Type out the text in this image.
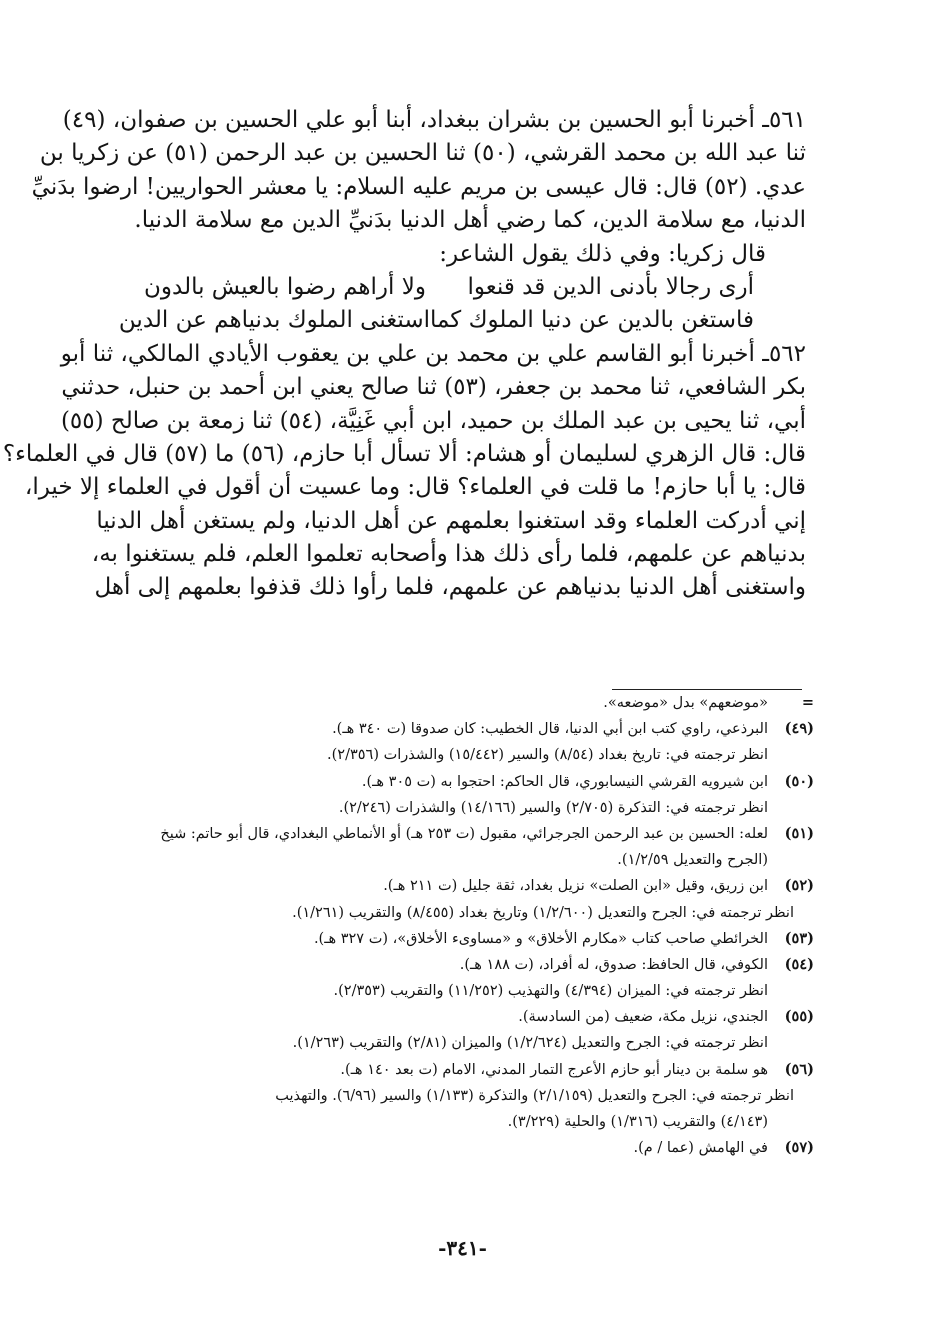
٥٦١ـ أخبرنا أبو الحسين بن بشران ببغداد، أبنا أبو علي الحسين بن صفوان، (٤٩)
ثنا عبد الله بن محمد القرشي، (٥٠) ثنا الحسين بن عبد الرحمن (٥١) عن زكريا بن
عدي. (٥٢) قال: قال عيسى بن مريم عليه السلام: يا معشر الحواريين! ارضوا بدَنيِّ
الدنيا، مع سلامة الدين، كما رضي أهل الدنيا بدَنيِّ الدين مع سلامة الدنيا.
قال زكريا: وفي ذلك يقول الشاعر:
أرى رجالا بأدنى الدين قد قنعوا
ولا أراهم رضوا بالعيش بالدون
فاستغن بالدين عن دنيا الملوك كما
استغنى الملوك بدنياهم عن الدين
٥٦٢ـ أخبرنا أبو القاسم علي بن محمد بن علي بن يعقوب الأيادي المالكي، ثنا أبو
بكر الشافعي، ثنا محمد بن جعفر، (٥٣) ثنا صالح يعني ابن أحمد بن حنبل، حدثني
أبي، ثنا يحيى بن عبد الملك بن حميد، ابن أبي غَنِيَّة، (٥٤) ثنا زمعة بن صالح (٥٥)
قال: قال الزهري لسليمان أو هشام: ألا تسأل أبا حازم، (٥٦) ما (٥٧) قال في العلماء؟
قال: يا أبا حازم! ما قلت في العلماء؟ قال: وما عسيت أن أقول في العلماء إلا خيرا،
إني أدركت العلماء وقد استغنوا بعلمهم عن أهل الدنيا، ولم يستغن أهل الدنيا
بدنياهم عن علمهم، فلما رأى ذلك هذا وأصحابه تعلموا العلم، فلم يستغنوا به،
واستغنى أهل الدنيا بدنياهم عن علمهم، فلما رأوا ذلك قذفوا بعلمهم إلى أهل
=«موضعهم» بدل «موضعه».
(٤٩)البرذعي، راوي كتب ابن أبي الدنيا، قال الخطيب: كان صدوقا (ت ٣٤٠ هـ).
انظر ترجمته في: تاريخ بغداد (٨/٥٤) والسير (١٥/٤٤٢) والشذرات (٢/٣٥٦).
(٥٠)ابن شيرويه القرشي النيسابوري، قال الحاكم: احتجوا به (ت ٣٠٥ هـ).
انظر ترجمته في: التذكرة (٢/٧٠٥) والسير (١٤/١٦٦) والشذرات (٢/٢٤٦).
(٥١)لعله: الحسين بن عبد الرحمن الجرجرائي، مقبول (ت ٢٥٣ هـ) أو الأنماطي البغدادي، قال أبو حاتم: شيخ
(الجرح والتعديل ١/٢/٥٩).
(٥٢)ابن زريق، وقيل «ابن الصلت» نزيل بغداد، ثقة جليل (ت ٢١١ هـ).
انظر ترجمته في: الجرح والتعديل (١/٢/٦٠٠) وتاريخ بغداد (٨/٤٥٥) والتقريب (١/٢٦١).
(٥٣)الخرائطي صاحب كتاب «مكارم الأخلاق» و «مساوىء الأخلاق»، (ت ٣٢٧ هـ).
(٥٤)الكوفي، قال الحافظ: صدوق، له أفراد، (ت ١٨٨ هـ).
انظر ترجمته في: الميزان (٤/٣٩٤) والتهذيب (١١/٢٥٢) والتقريب (٢/٣٥٣).
(٥٥)الجندي، نزيل مكة، ضعيف (من السادسة).
انظر ترجمته في: الجرح والتعديل (١/٢/٦٢٤) والميزان (٢/٨١) والتقريب (١/٢٦٣).
(٥٦)هو سلمة بن دينار أبو حازم الأعرج التمار المدني، الامام (ت بعد ١٤٠ هـ).
انظر ترجمته في: الجرح والتعديل (٢/١/١٥٩) والتذكرة (١/١٣٣) والسير (٦/٩٦). والتهذيب
(٤/١٤٣) والتقريب (١/٣١٦) والحلية (٣/٢٢٩).
(٥٧)في الهامش (عما / م).
-٣٤١-
